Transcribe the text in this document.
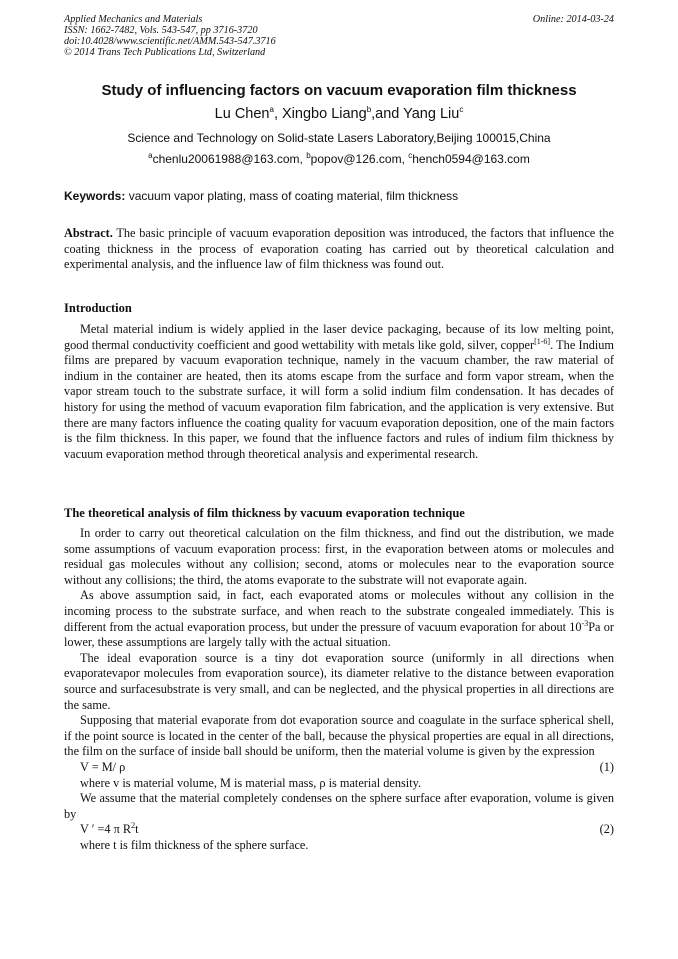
Applied Mechanics and Materials
ISSN: 1662-7482, Vols. 543-547, pp 3716-3720
doi:10.4028/www.scientific.net/AMM.543-547.3716
© 2014 Trans Tech Publications Ltd, Switzerland
Online: 2014-03-24
Study of influencing factors on vacuum evaporation film thickness
Lu Chen$^a$, Xingbo Liang$^b$,and Yang Liu$^c$
Science and Technology on Solid-state Lasers Laboratory,Beijing 100015,China
$^a$chenlu20061988@163.com, $^b$popov@126.com, $^c$hench0594@163.com
Keywords: vacuum vapor plating, mass of coating material, film thickness

Abstract. The basic principle of vacuum evaporation deposition was introduced, the factors that influence the coating thickness in the process of evaporation coating has carried out by theoretical calculation and experimental analysis, and the influence law of film thickness was found out.

Introduction

Metal material indium is widely applied in the laser device packaging, because of its low melting point, good thermal conductivity coefficient and good wettability with metals like gold, silver, copper[1-6]. The Indium films are prepared by vacuum evaporation technique, namely in the vacuum chamber, the raw material of indium in the container are heated, then its atoms escape from the surface and form vapor stream, when the vapor stream touch to the substrate surface, it will form a solid indium film condensation. It has decades of history for using the method of vacuum evaporation film fabrication, and the application is very extensive. But there are many factors influence the coating quality for vacuum evaporation deposition, one of the main factors is the film thickness. In this paper, we found that the influence factors and rules of indium film thickness by vacuum evaporation method through theoretical analysis and experimental research.

The theoretical analysis of film thickness by vacuum evaporation technique

In order to carry out theoretical calculation on the film thickness, and find out the distribution, we made some assumptions of vacuum evaporation process: first, in the evaporation between atoms or molecules and residual gas molecules without any collision; second, atoms or molecules near to the evaporation source without any collisions; the third, the atoms evaporate to the substrate will not evaporate again.

As above assumption said, in fact, each evaporated atoms or molecules without any collision in the incoming process to the substrate surface, and when reach to the substrate congealed immediately. This is different from the actual evaporation process, but under the pressure of vacuum evaporation for about $10^{-3}Pa$ or lower, these assumptions are largely tally with the actual situation.

The ideal evaporation source is a tiny dot evaporation source (uniformly in all directions when evaporatevapor molecules from evaporation source), its diameter relative to the distance between evaporation source and surfacesubstrate is very small, and can be neglected, and the physical properties in all directions are the same.

Supposing that material evaporate from dot evaporation source and coagulate in the surface spherical shell, if the point source is located in the center of the ball, because the physical properties are equal in all directions, the film on the surface of inside ball should be uniform, then the material volume is given by the expression

V = M/ ρ	(1)

where v is material volume, M is material mass, ρ is material density.

We assume that the material completely condenses on the sphere surface after evaporation, volume is given by

V ′ =4 π $R^2t$	(2)

where t is film thickness of the sphere surface.
